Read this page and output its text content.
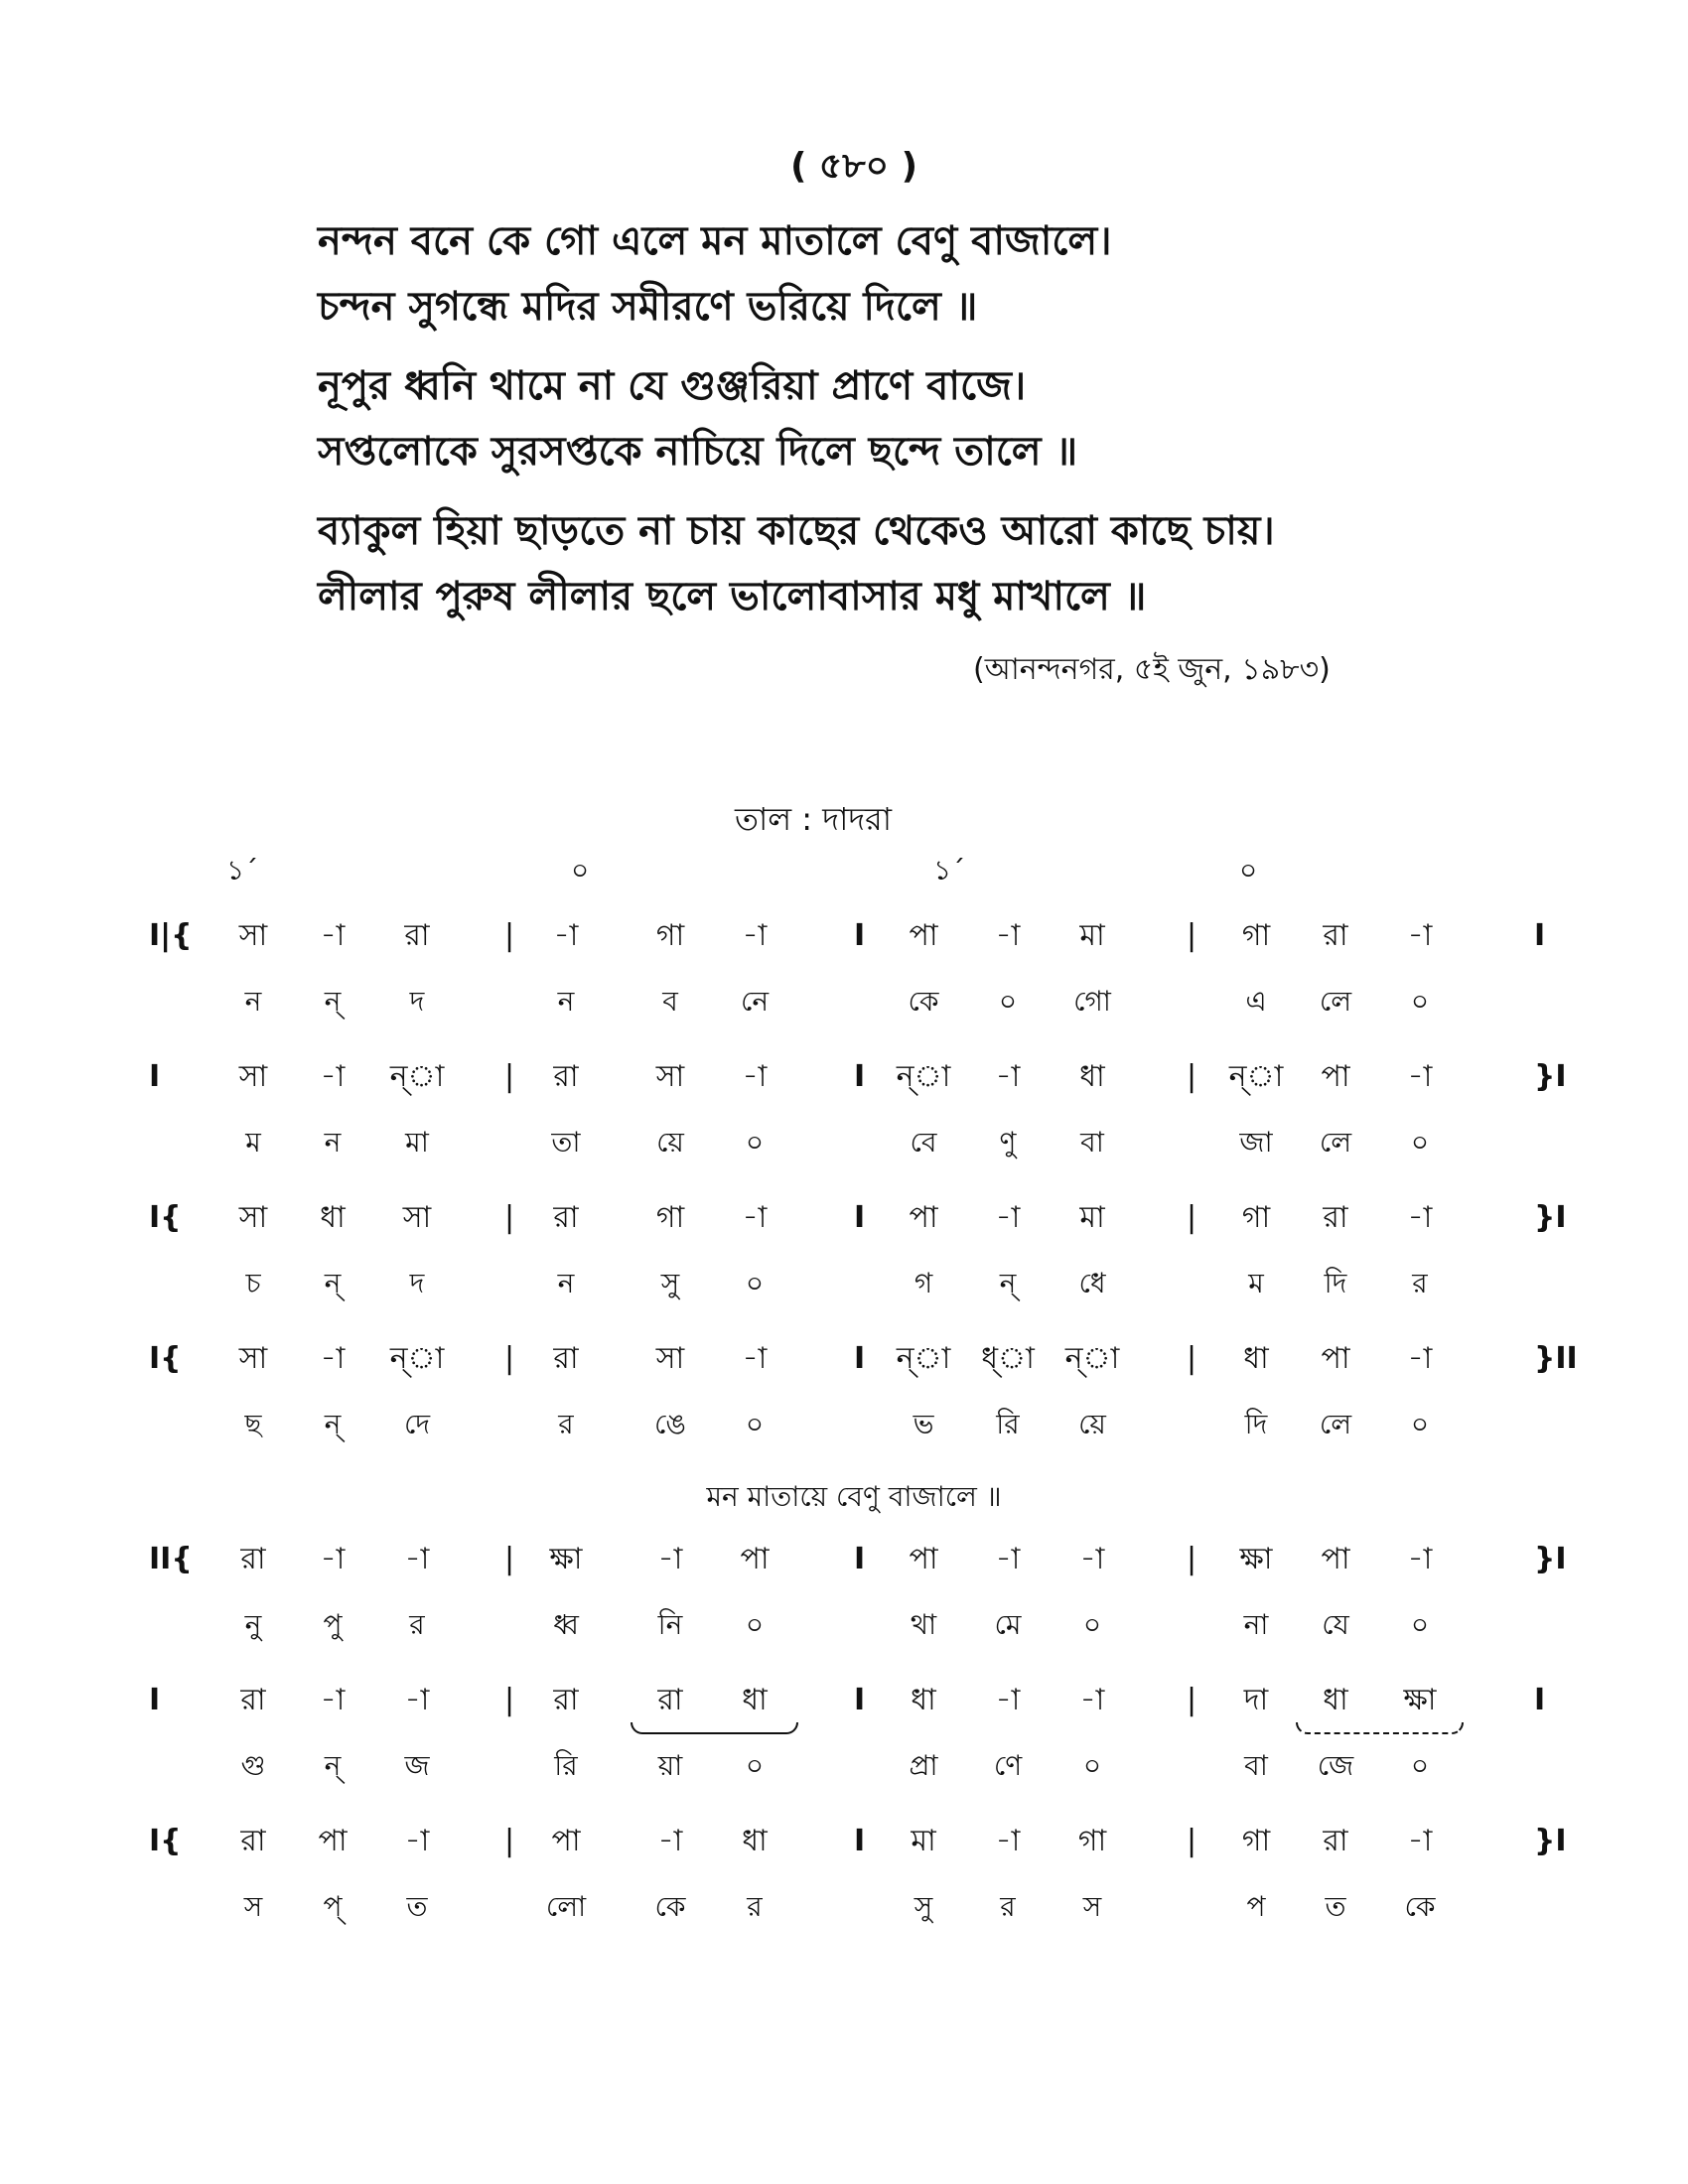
( ৫৮০ )
নন্দন বনে কে গো এলে মন মাতালে বেণু বাজালে।
চন্দন সুগন্ধে মদির সমীরণে ভরিয়ে দিলে ॥
নূপুর ধ্বনি থামে না যে গুঞ্জরিয়া প্রাণে বাজে।
সপ্তলোকে সুরসপ্তকে নাচিয়ে দিলে ছন্দে তালে ॥
ব্যাকুল হিয়া ছাড়তে না চায় কাছের থেকেও আরো কাছে চায়।
লীলার পুরুষ লীলার ছলে ভালোবাসার মধু মাখালে ॥
(আনন্দনগর, ৫ই জুন, ১৯৮৩)
তাল : দাদরা
১´	০	১´	০
I|{	|	I	|
সা	-া	রা	-া	গা	-া	পা	-া	মা	গা	রা	-া	I
ন	ন্	দ	ন	ব	নে	কে	০	গো	এ	লে	০
I	|	I	|
সা	-া	ন্া	রা	সা	-া	ন্া	-া	ধা	ন্া	পা	-া	}I
ম	ন	মা	তা	য়ে	০	বে	ণু	বা	জা	লে	০
I{	|	I	|
সা	ধা	সা	রা	গা	-া	পা	-া	মা	গা	রা	-া	}I
চ	ন্	দ	ন	সু	০	গ	ন্	ধে	ম	দি	র
I{	|	I	|
সা	-া	ন্া	রা	সা	-া	ন্া	ধ্া	ন্া	ধা	পা	-া	}II
ছ	ন্	দে	র	ঙে	০	ভ	রি	য়ে	দি	লে	০
মন মাতায়ে বেণু বাজালে ॥
II{	|	I	|
রা	-া	-া	ক্ষা	-া	পা	পা	-া	-া	ক্ষা	পা	-া	}I
নু	পু	র	ধ্ব	নি	০	থা	মে	০	না	যে	০
I	|	I	|
রা	-া	-া	রা	রা	ধা	ধা	-া	-া	দা	ধা	ক্ষা	I
গু	ন্	জ	রি	য়া	০	প্রা	ণে	০	বা	জে	০
I{	|	I	|
রা	পা	-া	পা	-া	ধা	মা	-া	গা	গা	রা	-া	}I
স	প্	ত	লো	কে	র	সু	র	স	প	ত	কে
